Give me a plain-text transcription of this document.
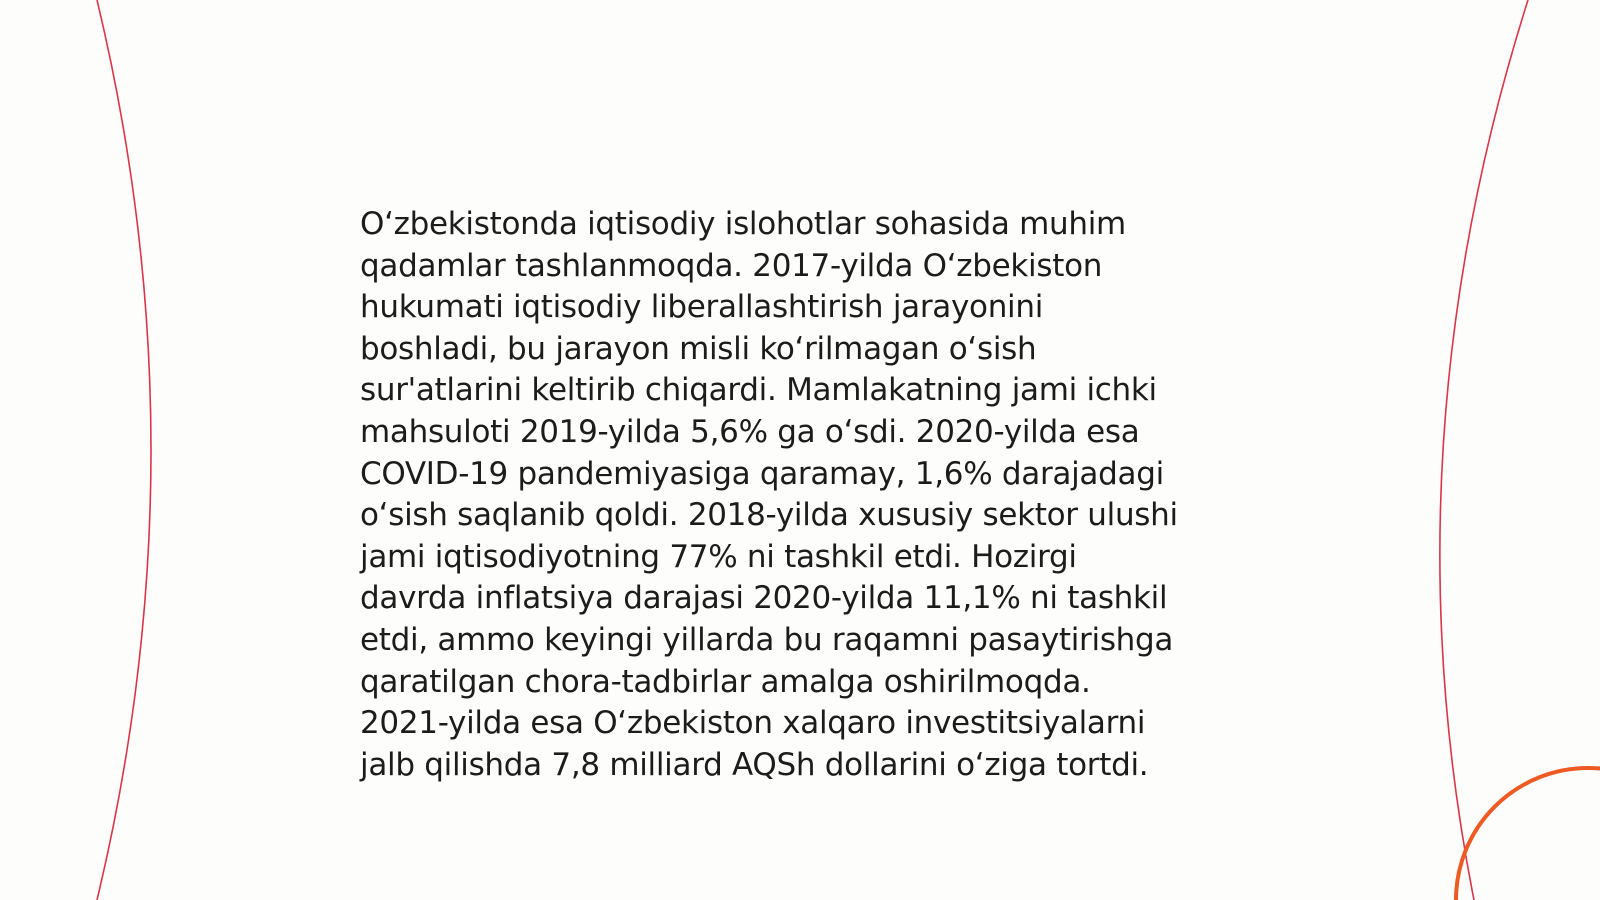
O‘zbekistonda iqtisodiy islohotlar sohasida muhim
qadamlar tashlanmoqda. 2017-yilda O‘zbekiston
hukumati iqtisodiy liberallashtirish jarayonini
boshladi, bu jarayon misli ko‘rilmagan o‘sish
sur'atlarini keltirib chiqardi. Mamlakatning jami ichki
mahsuloti 2019-yilda 5,6% ga o‘sdi. 2020-yilda esa
COVID-19 pandemiyasiga qaramay, 1,6% darajadagi
o‘sish saqlanib qoldi. 2018-yilda xususiy sektor ulushi
jami iqtisodiyotning 77% ni tashkil etdi. Hozirgi
davrda inflatsiya darajasi 2020-yilda 11,1% ni tashkil
etdi, ammo keyingi yillarda bu raqamni pasaytirishga
qaratilgan chora-tadbirlar amalga oshirilmoqda.
2021-yilda esa O‘zbekiston xalqaro investitsiyalarni
jalb qilishda 7,8 milliard AQSh dollarini o‘ziga tortdi.
